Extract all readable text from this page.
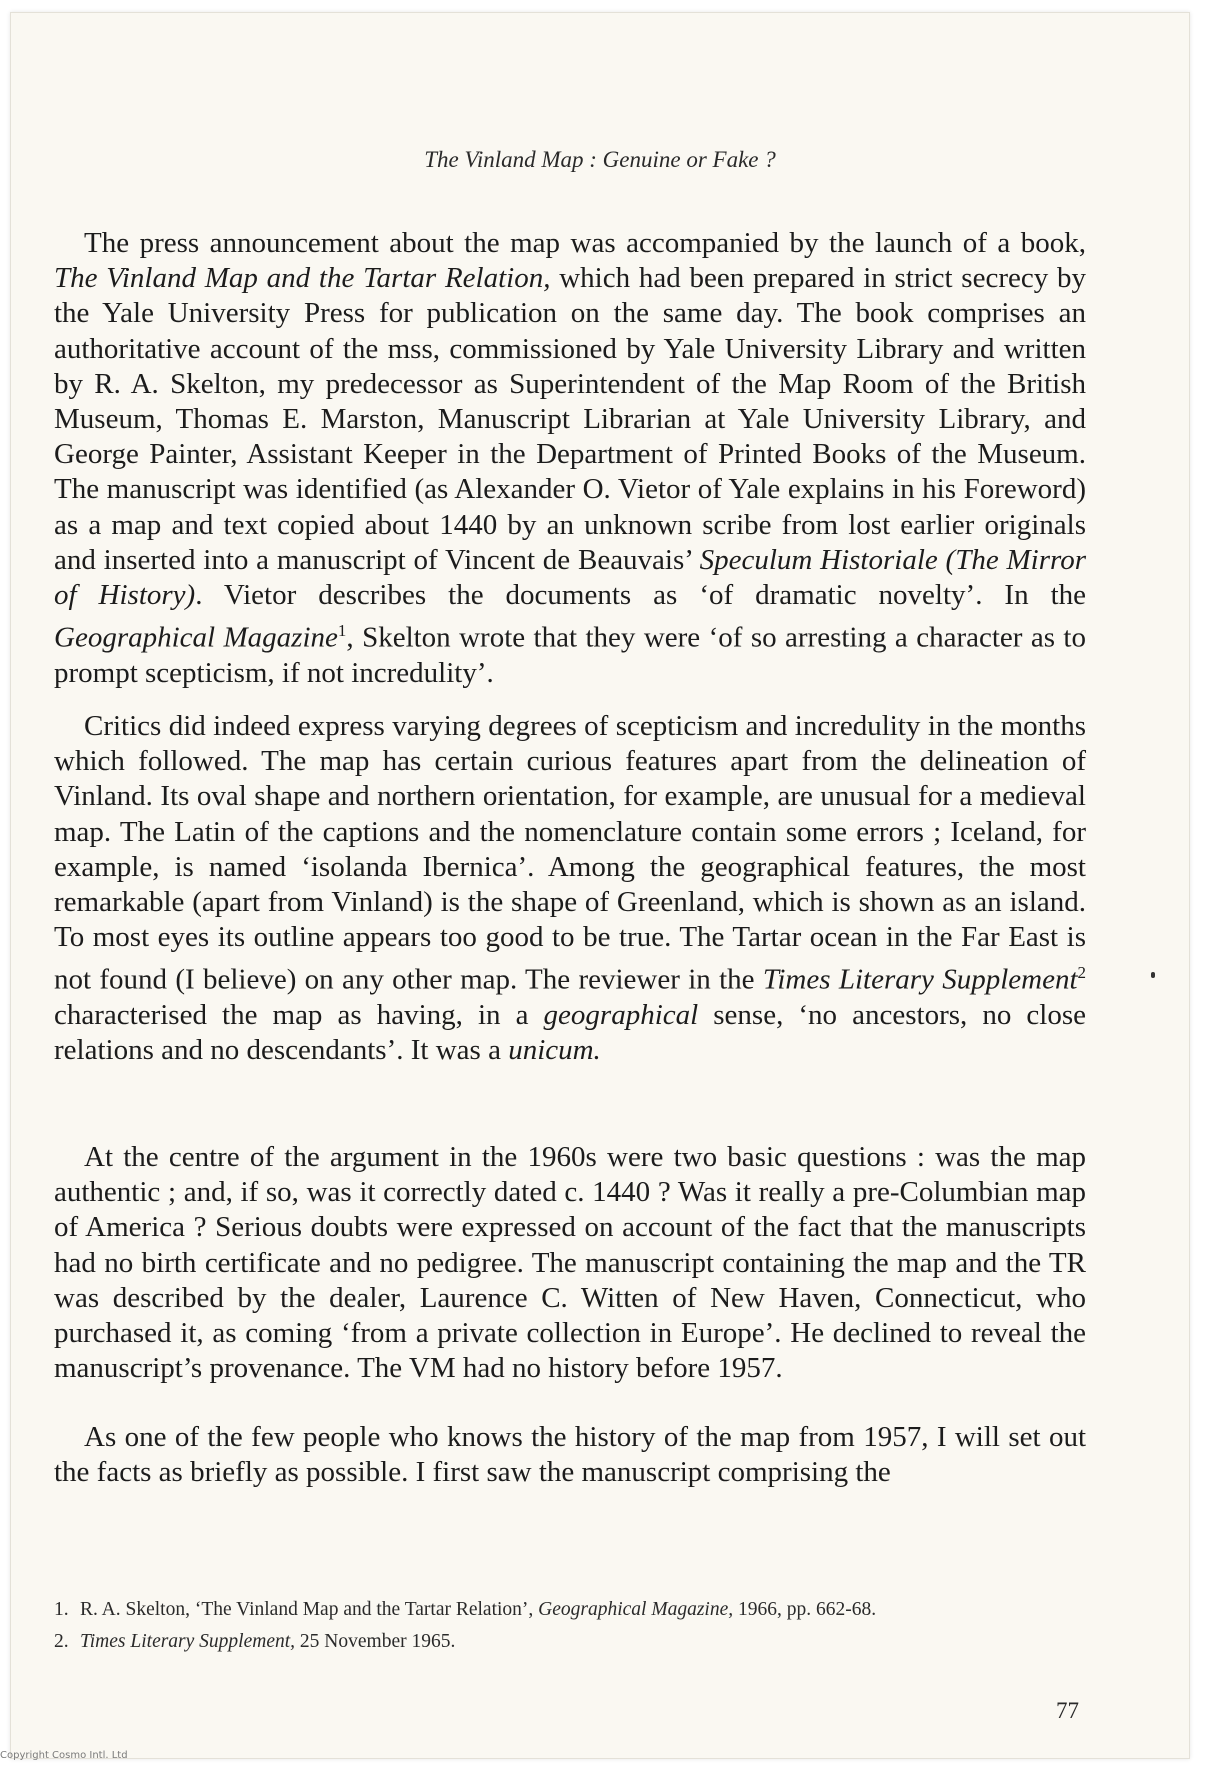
The Vinland Map : Genuine or Fake ?

The press announcement about the map was accompanied by the launch of a book, The Vinland Map and the Tartar Relation, which had been prepared in strict secrecy by the Yale University Press for publication on the same day. The book comprises an authoritative account of the mss, commissioned by Yale University Library and written by R. A. Skelton, my predecessor as Superintendent of the Map Room of the British Museum, Thomas E. Marston, Manuscript Librarian at Yale University Library, and George Painter, Assistant Keeper in the Department of Printed Books of the Museum. The manuscript was identified (as Alexander O. Vietor of Yale explains in his Foreword) as a map and text copied about 1440 by an unknown scribe from lost earlier originals and inserted into a manuscript of Vincent de Beauvais’ Speculum Historiale (The Mirror of History). Vietor describes the documents as ‘of dramatic novelty’. In the Geographical Magazine$^1$, Skelton wrote that they were ‘of so arresting a character as to prompt scepticism, if not incredulity’.

Critics did indeed express varying degrees of scepticism and incredulity in the months which followed. The map has certain curious features apart from the delineation of Vinland. Its oval shape and northern orientation, for example, are unusual for a medieval map. The Latin of the captions and the nomenclature contain some errors ; Iceland, for example, is named ‘isolanda Ibernica’. Among the geographical features, the most remarkable (apart from Vinland) is the shape of Greenland, which is shown as an island. To most eyes its outline appears too good to be true. The Tartar ocean in the Far East is not found (I believe) on any other map. The reviewer in the Times Literary Supplement$^2$ characterised the map as having, in a geographical sense, ‘no ancestors, no close relations and no descendants’. It was a unicum.

At the centre of the argument in the 1960s were two basic questions : was the map authentic ; and, if so, was it correctly dated c. 1440 ? Was it really a pre-Columbian map of America ? Serious doubts were expressed on account of the fact that the manuscripts had no birth certificate and no pedigree. The manuscript containing the map and the TR was described by the dealer, Laurence C. Witten of New Haven, Connecticut, who purchased it, as coming ‘from a private collection in Europe’. He declined to reveal the manuscript’s provenance. The VM had no history before 1957.

As one of the few people who knows the history of the map from 1957, I will set out the facts as briefly as possible. I first saw the manuscript comprising the

1. R. A. Skelton, ‘The Vinland Map and the Tartar Relation’, Geographical Magazine, 1966, pp. 662-68.
2. Times Literary Supplement, 25 November 1965.
77
Copyright Cosmo Intl. Ltd
